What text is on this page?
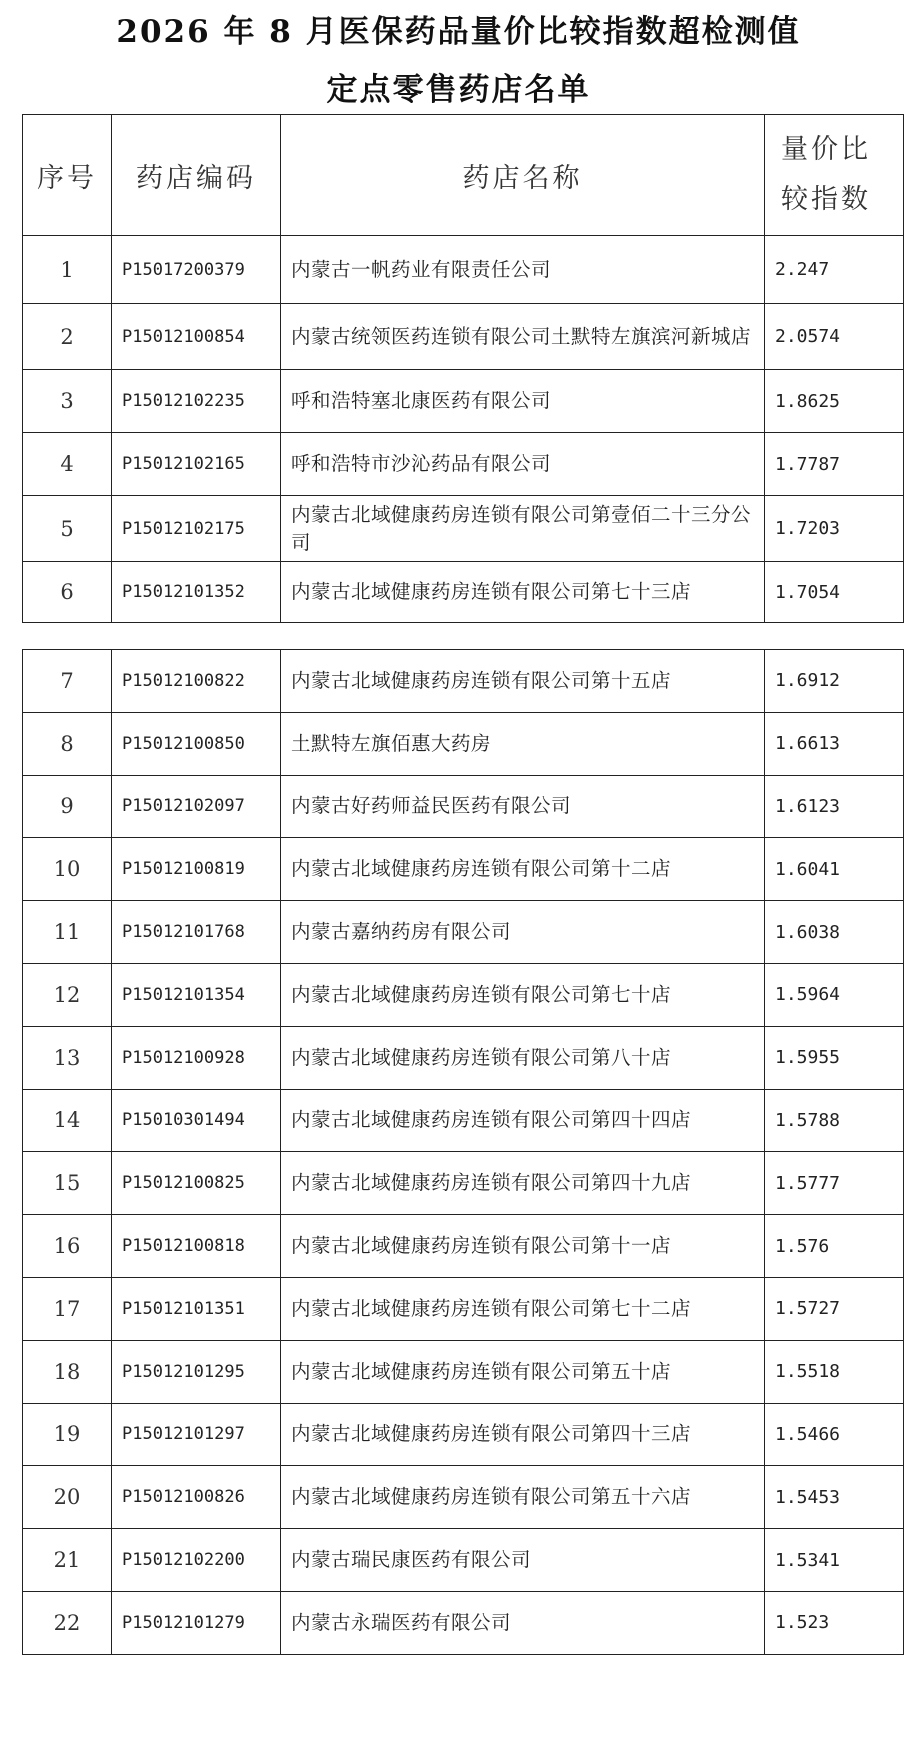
2026 年 8 月医保药品量价比较指数超检测值
定点零售药店名单
序号	药店编码	药店名称	量价比
较指数

1	P15017200379	内蒙古一帆药业有限责任公司	2.247
2	P15012100854	内蒙古统领医药连锁有限公司土默特左旗滨河新城店	2.0574
3	P15012102235	呼和浩特塞北康医药有限公司	1.8625
4	P15012102165	呼和浩特市沙沁药品有限公司	1.7787
5	P15012102175	内蒙古北域健康药房连锁有限公司第壹佰二十三分公司	1.7203
6	P15012101352	内蒙古北域健康药房连锁有限公司第七十三店	1.7054
7	P15012100822	内蒙古北域健康药房连锁有限公司第十五店	1.6912
8	P15012100850	土默特左旗佰惠大药房	1.6613
9	P15012102097	内蒙古好药师益民医药有限公司	1.6123
10	P15012100819	内蒙古北域健康药房连锁有限公司第十二店	1.6041
11	P15012101768	内蒙古嘉纳药房有限公司	1.6038
12	P15012101354	内蒙古北域健康药房连锁有限公司第七十店	1.5964
13	P15012100928	内蒙古北域健康药房连锁有限公司第八十店	1.5955
14	P15010301494	内蒙古北域健康药房连锁有限公司第四十四店	1.5788
15	P15012100825	内蒙古北域健康药房连锁有限公司第四十九店	1.5777
16	P15012100818	内蒙古北域健康药房连锁有限公司第十一店	1.576
17	P15012101351	内蒙古北域健康药房连锁有限公司第七十二店	1.5727
18	P15012101295	内蒙古北域健康药房连锁有限公司第五十店	1.5518
19	P15012101297	内蒙古北域健康药房连锁有限公司第四十三店	1.5466
20	P15012100826	内蒙古北域健康药房连锁有限公司第五十六店	1.5453
21	P15012102200	内蒙古瑞民康医药有限公司	1.5341
22	P15012101279	内蒙古永瑞医药有限公司	1.523
